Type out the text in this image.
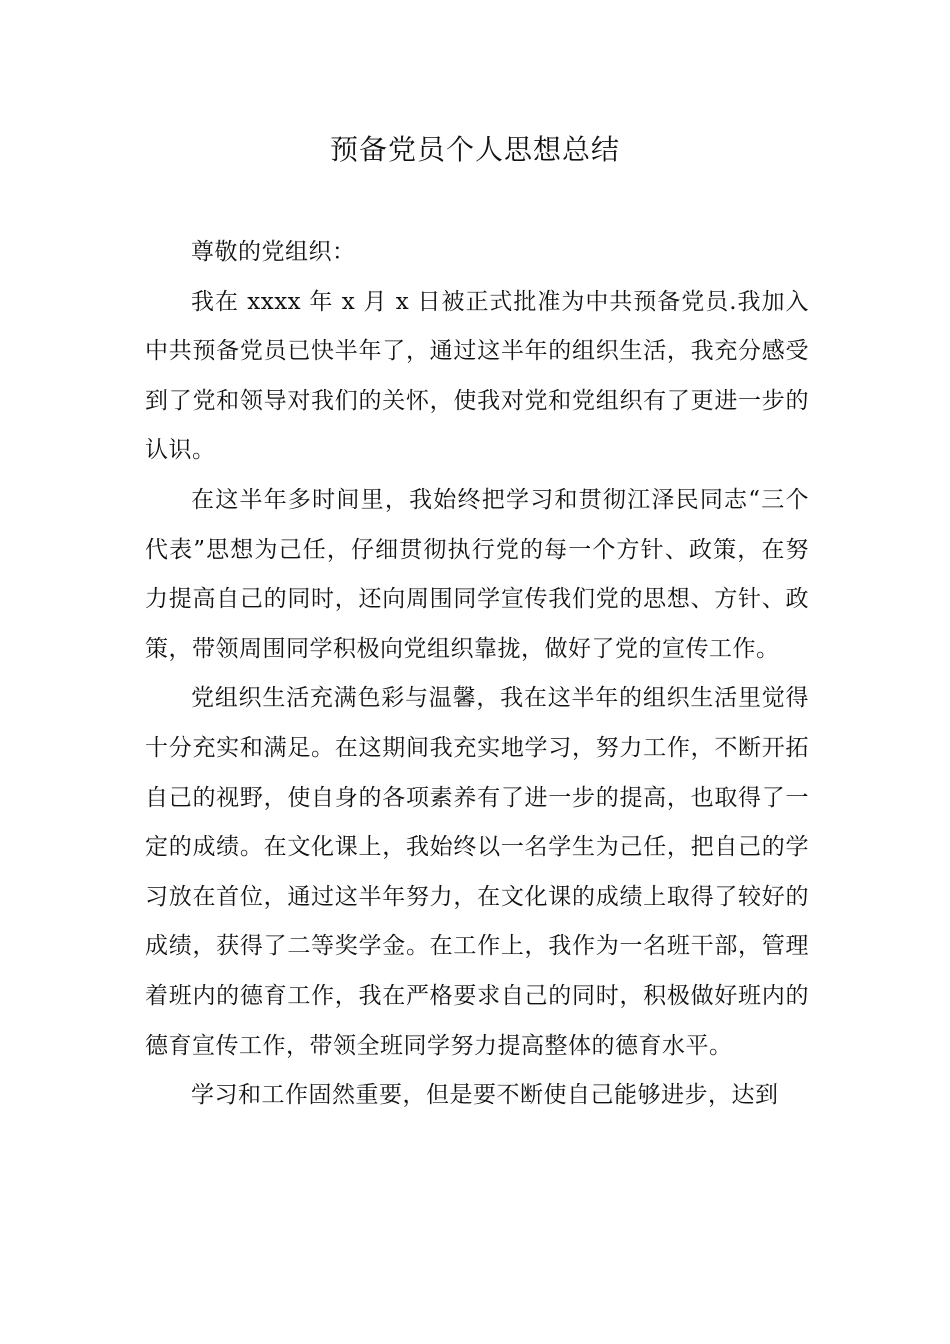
预备党员个人思想总结

尊敬的党组织：

我在 xxxx 年 x 月 x 日被正式批准为中共预备党员.我加入中共预备党员已快半年了，通过这半年的组织生活，我充分感受到了党和领导对我们的关怀，使我对党和党组织有了更进一步的认识。

在这半年多时间里，我始终把学习和贯彻江泽民同志“三个代表”思想为己任，仔细贯彻执行党的每一个方针、政策，在努力提高自己的同时，还向周围同学宣传我们党的思想、方针、政策，带领周围同学积极向党组织靠拢，做好了党的宣传工作。

党组织生活充满色彩与温馨，我在这半年的组织生活里觉得十分充实和满足。在这期间我充实地学习，努力工作，不断开拓自己的视野，使自身的各项素养有了进一步的提高，也取得了一定的成绩。在文化课上，我始终以一名学生为己任，把自己的学习放在首位，通过这半年努力，在文化课的成绩上取得了较好的成绩，获得了二等奖学金。在工作上，我作为一名班干部，管理着班内的德育工作，我在严格要求自己的同时，积极做好班内的德育宣传工作，带领全班同学努力提高整体的德育水平。

学习和工作固然重要，但是要不断使自己能够进步，达到
